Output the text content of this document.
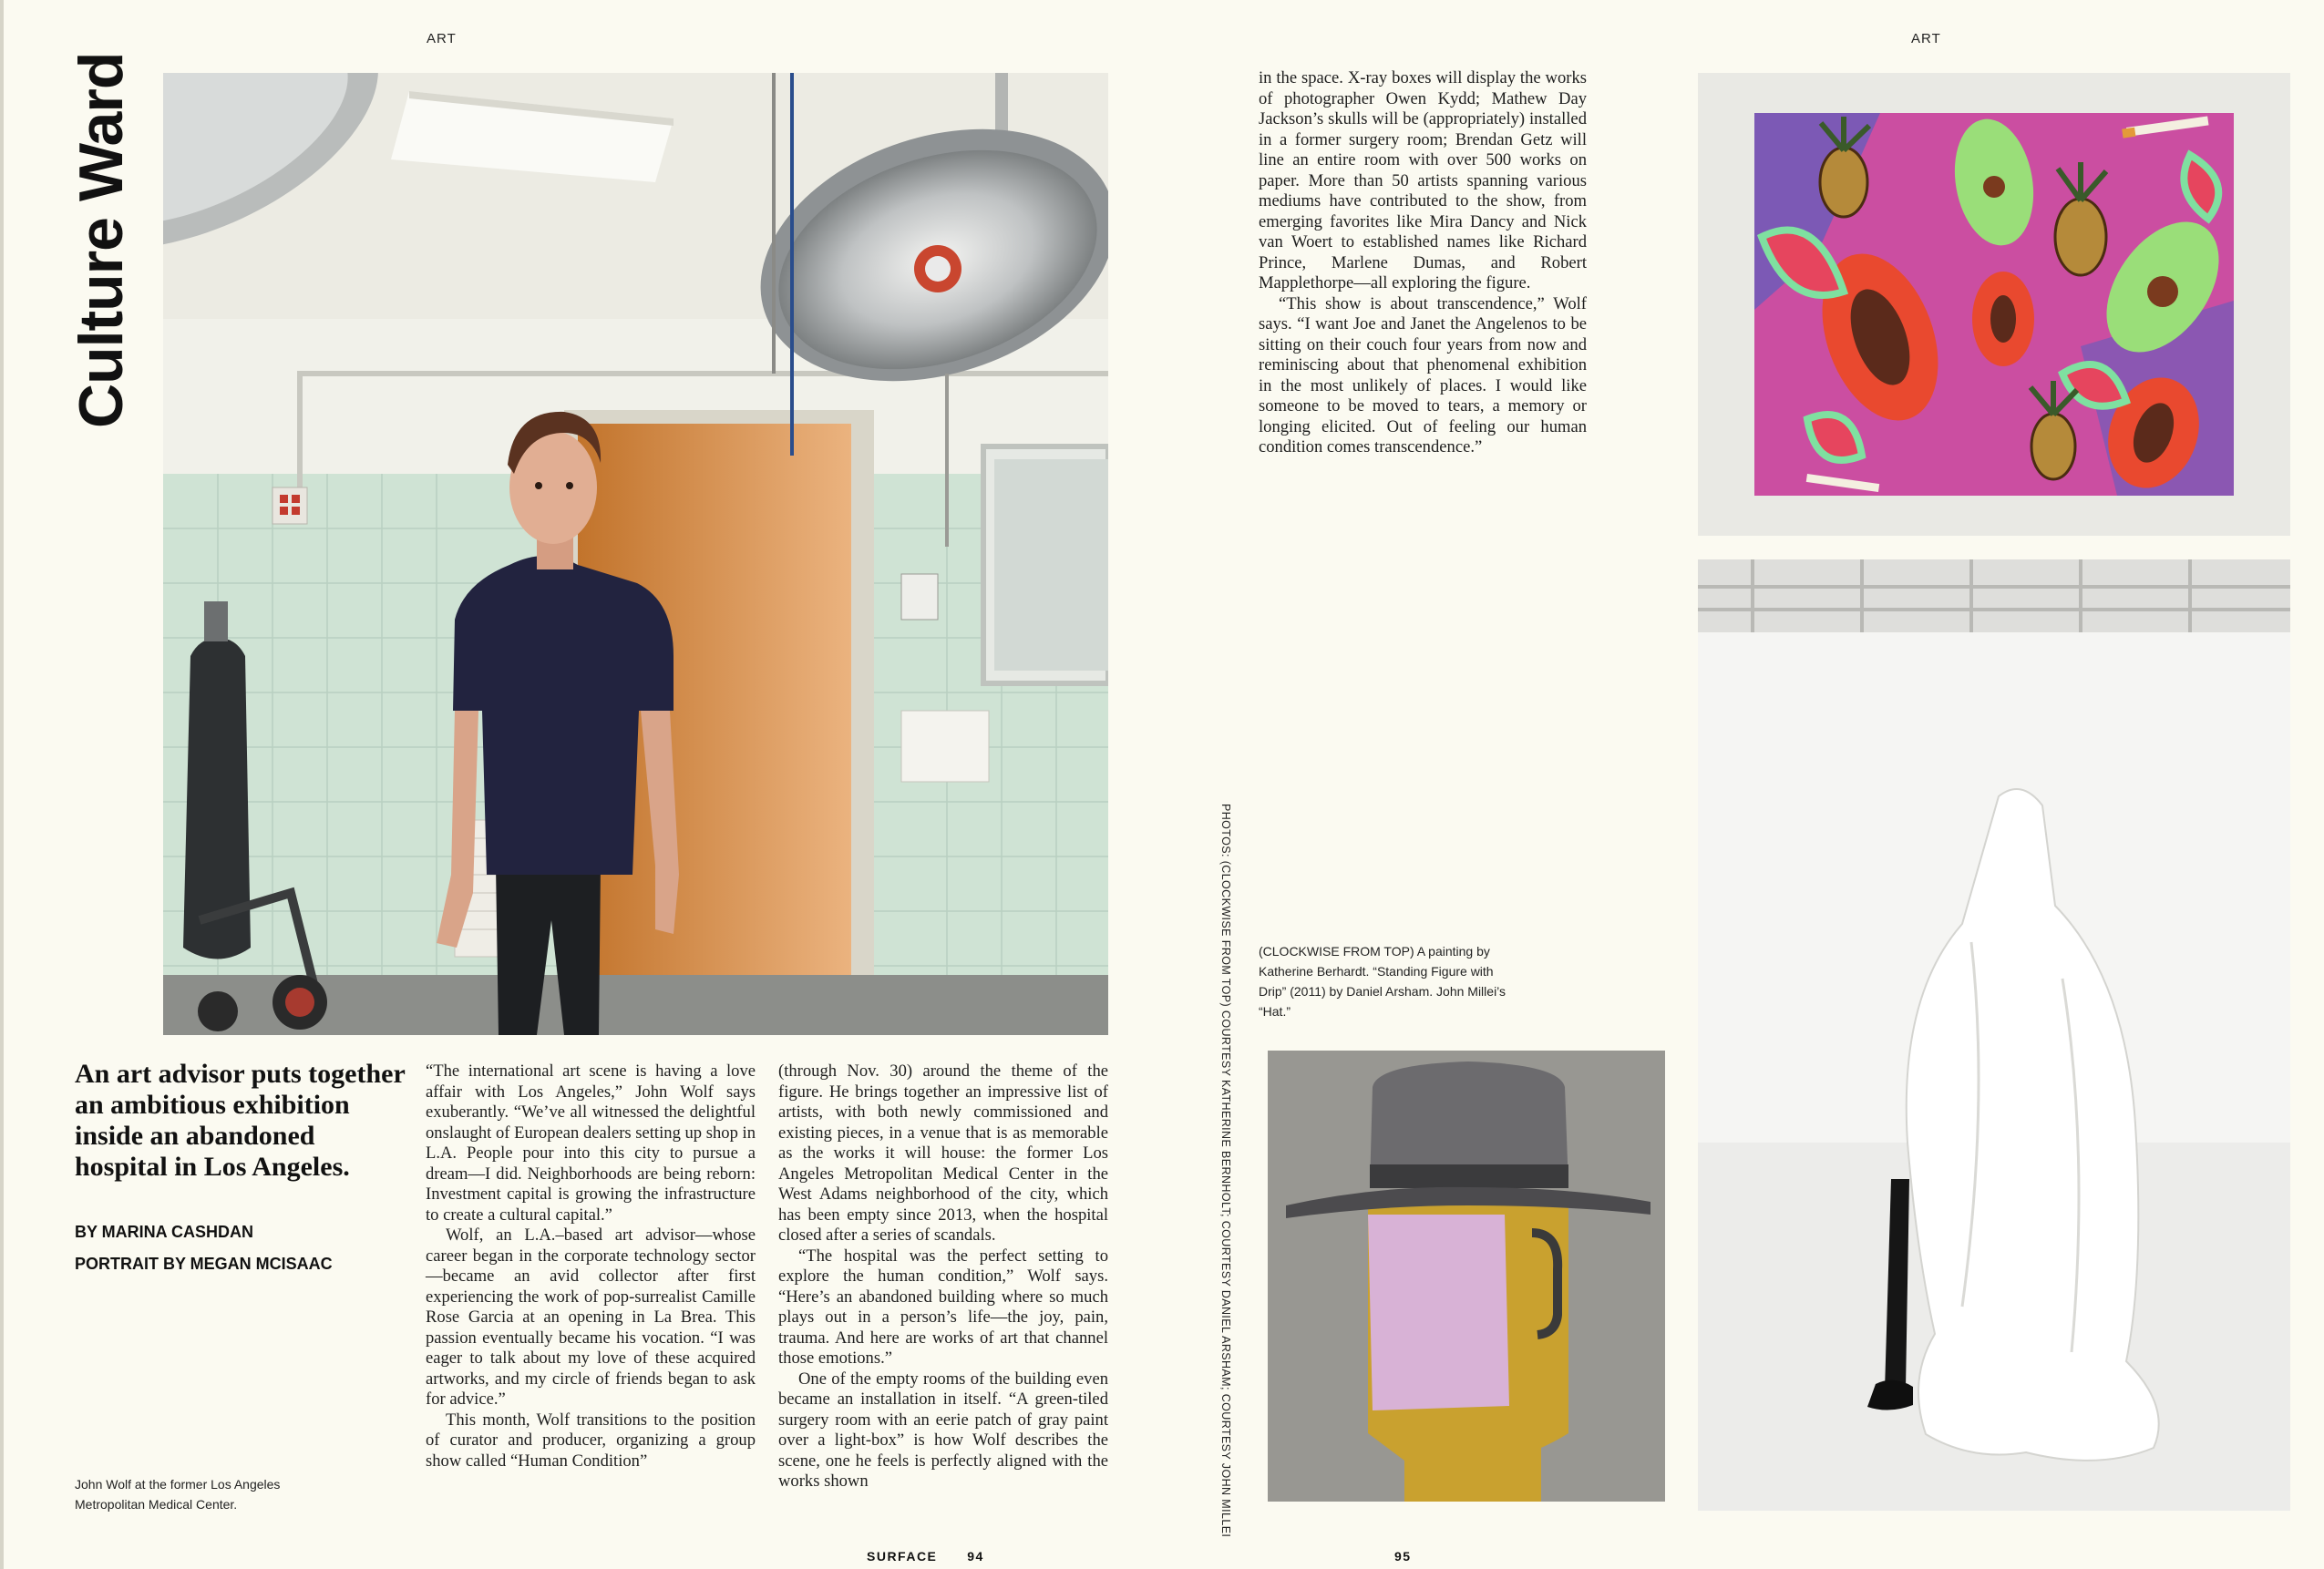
ART
Culture Ward
An art advisor puts together an ambitious exhibition inside an abandoned hospital in Los Angeles.
BY MARINA CASHDAN
PORTRAIT BY MEGAN MCISAAC
John Wolf at the former Los Angeles Metropolitan Medical Center.

“The international art scene is having a love affair with Los Angeles,” John Wolf says exuberantly. “We’ve all witnessed the delightful onslaught of European dealers setting up shop in L.A. People pour into this city to pursue a dream—I did. Neighborhoods are being reborn: Investment capital is growing the infrastructure to create a cultural capital.”

Wolf, an L.A.–based art advisor—whose career began in the corporate technology sector—became an avid collector after first experiencing the work of pop-surrealist Camille Rose Garcia at an opening in La Brea. This passion eventually became his vocation. “I was eager to talk about my love of these acquired artworks, and my circle of friends began to ask for advice.”

This month, Wolf transitions to the position of curator and producer, organizing a group show called “Human Condition”

(through Nov. 30) around the theme of the figure. He brings together an impressive list of artists, with both newly commissioned and existing pieces, in a venue that is as memorable as the works it will house: the former Los Angeles Metropolitan Medical Center in the West Adams neighborhood of the city, which has been empty since 2013, when the hospital closed after a series of scandals.

“The hospital was the perfect setting to explore the human condition,” Wolf says. “Here’s an abandoned building where so much plays out in a person’s life—the joy, pain, trauma. And here are works of art that channel those emotions.”

One of the empty rooms of the building even became an installation in itself. “A green-tiled surgery room with an eerie patch of gray paint over a light-box” is how Wolf describes the scene, one he feels is perfectly aligned with the works shown

SURFACE 94
ART

in the space. X-ray boxes will display the works of photographer Owen Kydd; Mathew Day Jackson’s skulls will be (appropriately) installed in a former surgery room; Brendan Getz will line an entire room with over 500 works on paper. More than 50 artists spanning various mediums have contributed to the show, from emerging favorites like Mira Dancy and Nick van Woert to established names like Richard Prince, Marlene Dumas, and Robert Mapplethorpe—all exploring the figure.

“This show is about transcendence,” Wolf says. “I want Joe and Janet the Angelenos to be sitting on their couch four years from now and reminiscing about that phenomenal exhibition in the most unlikely of places. I would like someone to be moved to tears, a memory or longing elicited. Out of feeling our human condition comes transcendence.”

PHOTOS: (CLOCKWISE FROM TOP) COURTESY KATHERINE BERNHOLT; COURTESY DANIEL ARSHAM; COURTESY JOHN MILLEI (CLOCKWISE FROM TOP) A painting by Katherine Berhardt. “Standing Figure with Drip” (2011) by Daniel Arsham. John Millei’s “Hat.”
95
